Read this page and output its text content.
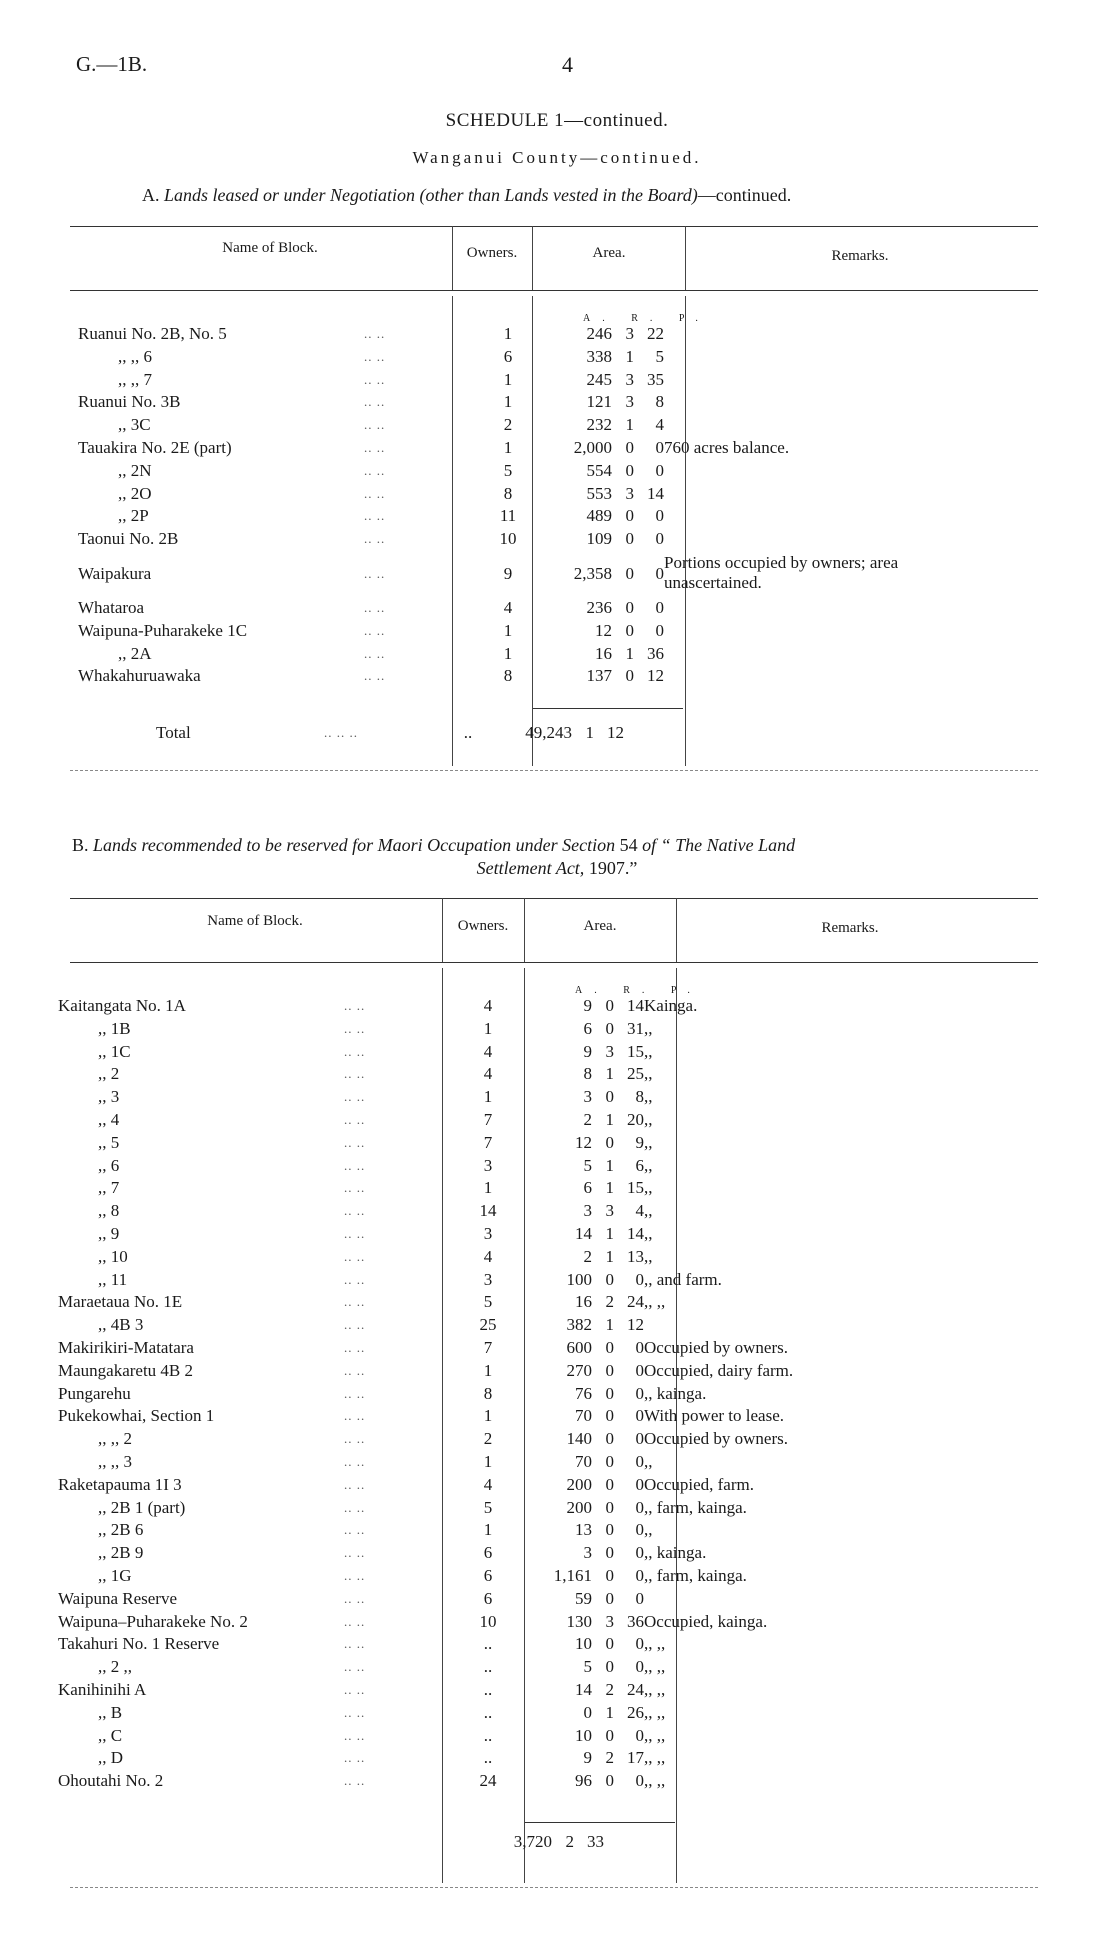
G.—1B.	4
SCHEDULE 1—continued.
Wanganui County—continued.
A. Lands leased or under Negotiation (other than Lands vested in the Board)—continued.
Name of Block.	Owners.	Area.	Remarks.
A. R. P.
Ruanui No. 2B, No. 5	.. ..	1	246	3	22	
,, ,, 6	.. ..	6	338	1	5	
,, ,, 7	.. ..	1	245	3	35	
Ruanui No. 3B	.. ..	1	121	3	8	
,, 3C	.. ..	2	232	1	4	
Tauakira No. 2E (part)	.. ..	1	2,000	0	0	760 acres balance.
,, 2N	.. ..	5	554	0	0	
,, 2O	.. ..	8	553	3	14	
,, 2P	.. ..	11	489	0	0	
Taonui No. 2B	.. ..	10	109	0	0	
Waipakura	.. ..	9	2,358	0	0	Portions occupied by owners; area unascertained.
Whataroa	.. ..	4	236	0	0	
Waipuna-Puharakeke 1C	.. ..	1	12	0	0	
,, 2A	.. ..	1	16	1	36	
Whakahuruawaka	.. ..	8	137	0	12	
Total	.. .. ..	..	49,243	1	12
B. Lands recommended to be reserved for Maori Occupation under Section 54 of “ The Native Land
Settlement Act, 1907.”
Name of Block.	Owners.	Area.	Remarks.
A. R. P.
Kaitangata No. 1A	.. ..	4	9	0	14	Kainga.
,, 1B	.. ..	1	6	0	31	,,
,, 1C	.. ..	4	9	3	15	,,
,, 2	.. ..	4	8	1	25	,,
,, 3	.. ..	1	3	0	8	,,
,, 4	.. ..	7	2	1	20	,,
,, 5	.. ..	7	12	0	9	,,
,, 6	.. ..	3	5	1	6	,,
,, 7	.. ..	1	6	1	15	,,
,, 8	.. ..	14	3	3	4	,,
,, 9	.. ..	3	14	1	14	,,
,, 10	.. ..	4	2	1	13	,,
,, 11	.. ..	3	100	0	0	,, and farm.
Maraetaua No. 1E	.. ..	5	16	2	24	,, ,,
,, 4B 3	.. ..	25	382	1	12	
Makirikiri-Matatara	.. ..	7	600	0	0	Occupied by owners.
Maungakaretu 4B 2	.. ..	1	270	0	0	Occupied, dairy farm.
Pungarehu	.. ..	8	76	0	0	,, kainga.
Pukekowhai, Section 1	.. ..	1	70	0	0	With power to lease.
,, ,, 2	.. ..	2	140	0	0	Occupied by owners.
,, ,, 3	.. ..	1	70	0	0	,,
Raketapauma 1I 3	.. ..	4	200	0	0	Occupied, farm.
,, 2B 1 (part)	.. ..	5	200	0	0	,, farm, kainga.
,, 2B 6	.. ..	1	13	0	0	,,
,, 2B 9	.. ..	6	3	0	0	,, kainga.
,, 1G	.. ..	6	1,161	0	0	,, farm, kainga.
Waipuna Reserve	.. ..	6	59	0	0	
Waipuna–Puharakeke No. 2	.. ..	10	130	3	36	Occupied, kainga.
Takahuri No. 1 Reserve	.. ..	..	10	0	0	,, ,,
,, 2 ,,	.. ..	..	5	0	0	,, ,,
Kanihinihi A	.. ..	..	14	2	24	,, ,,
,, B	.. ..	..	0	1	26	,, ,,
,, C	.. ..	..	10	0	0	,, ,,
,, D	.. ..	..	9	2	17	,, ,,
Ohoutahi No. 2	.. ..	24	96	0	0	,, ,,
			3,720	2	33
